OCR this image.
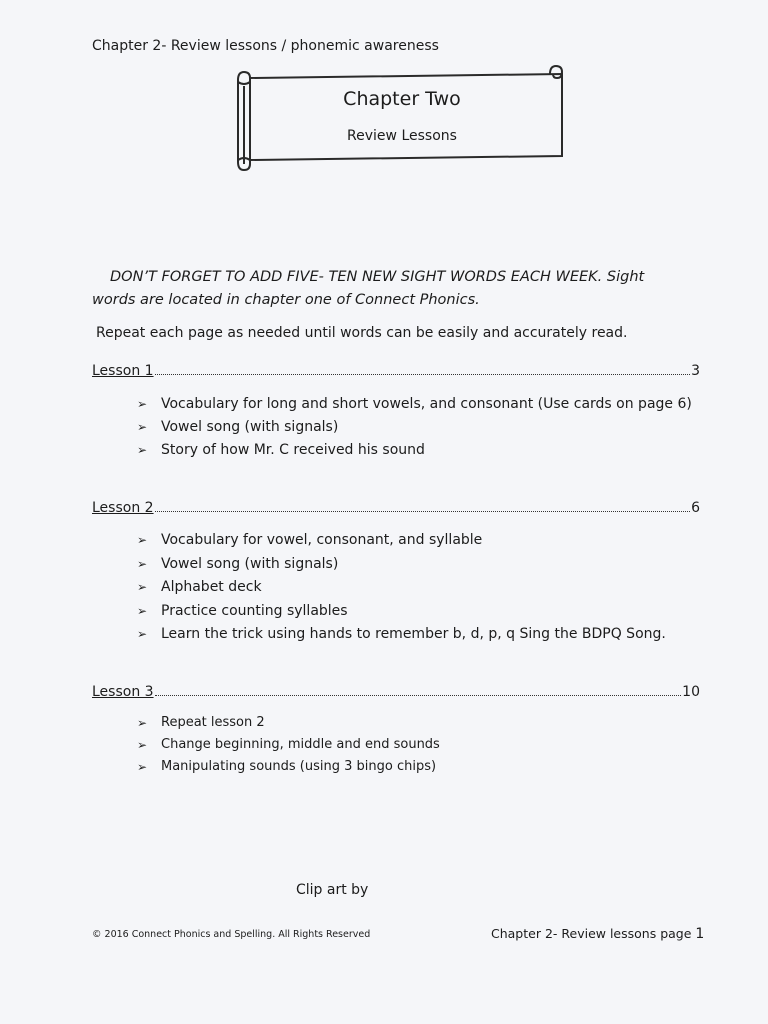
Chapter 2- Review lessons / phonemic awareness
Chapter Two
Review Lessons
DON’T FORGET TO ADD FIVE- TEN NEW SIGHT WORDS EACH WEEK. Sight
words are located in chapter one of Connect Phonics.
Repeat each page as needed until words can be easily and accurately read.
Lesson 1	3
➢ Vocabulary for long and short vowels, and consonant (Use cards on page 6)
➢ Vowel song (with signals)
➢ Story of how Mr. C received his sound
Lesson 2	6
➢ Vocabulary for vowel, consonant, and syllable
➢ Vowel song (with signals)
➢ Alphabet deck
➢ Practice counting syllables
➢ Learn the trick using hands to remember b, d, p, q Sing the BDPQ Song.
Lesson 3	10
➢ Repeat lesson 2
➢ Change beginning, middle and end sounds
➢ Manipulating sounds (using 3 bingo chips)
Clip art by
© 2016 Connect Phonics and Spelling. All Rights Reserved	Chapter 2- Review lessons page 1
